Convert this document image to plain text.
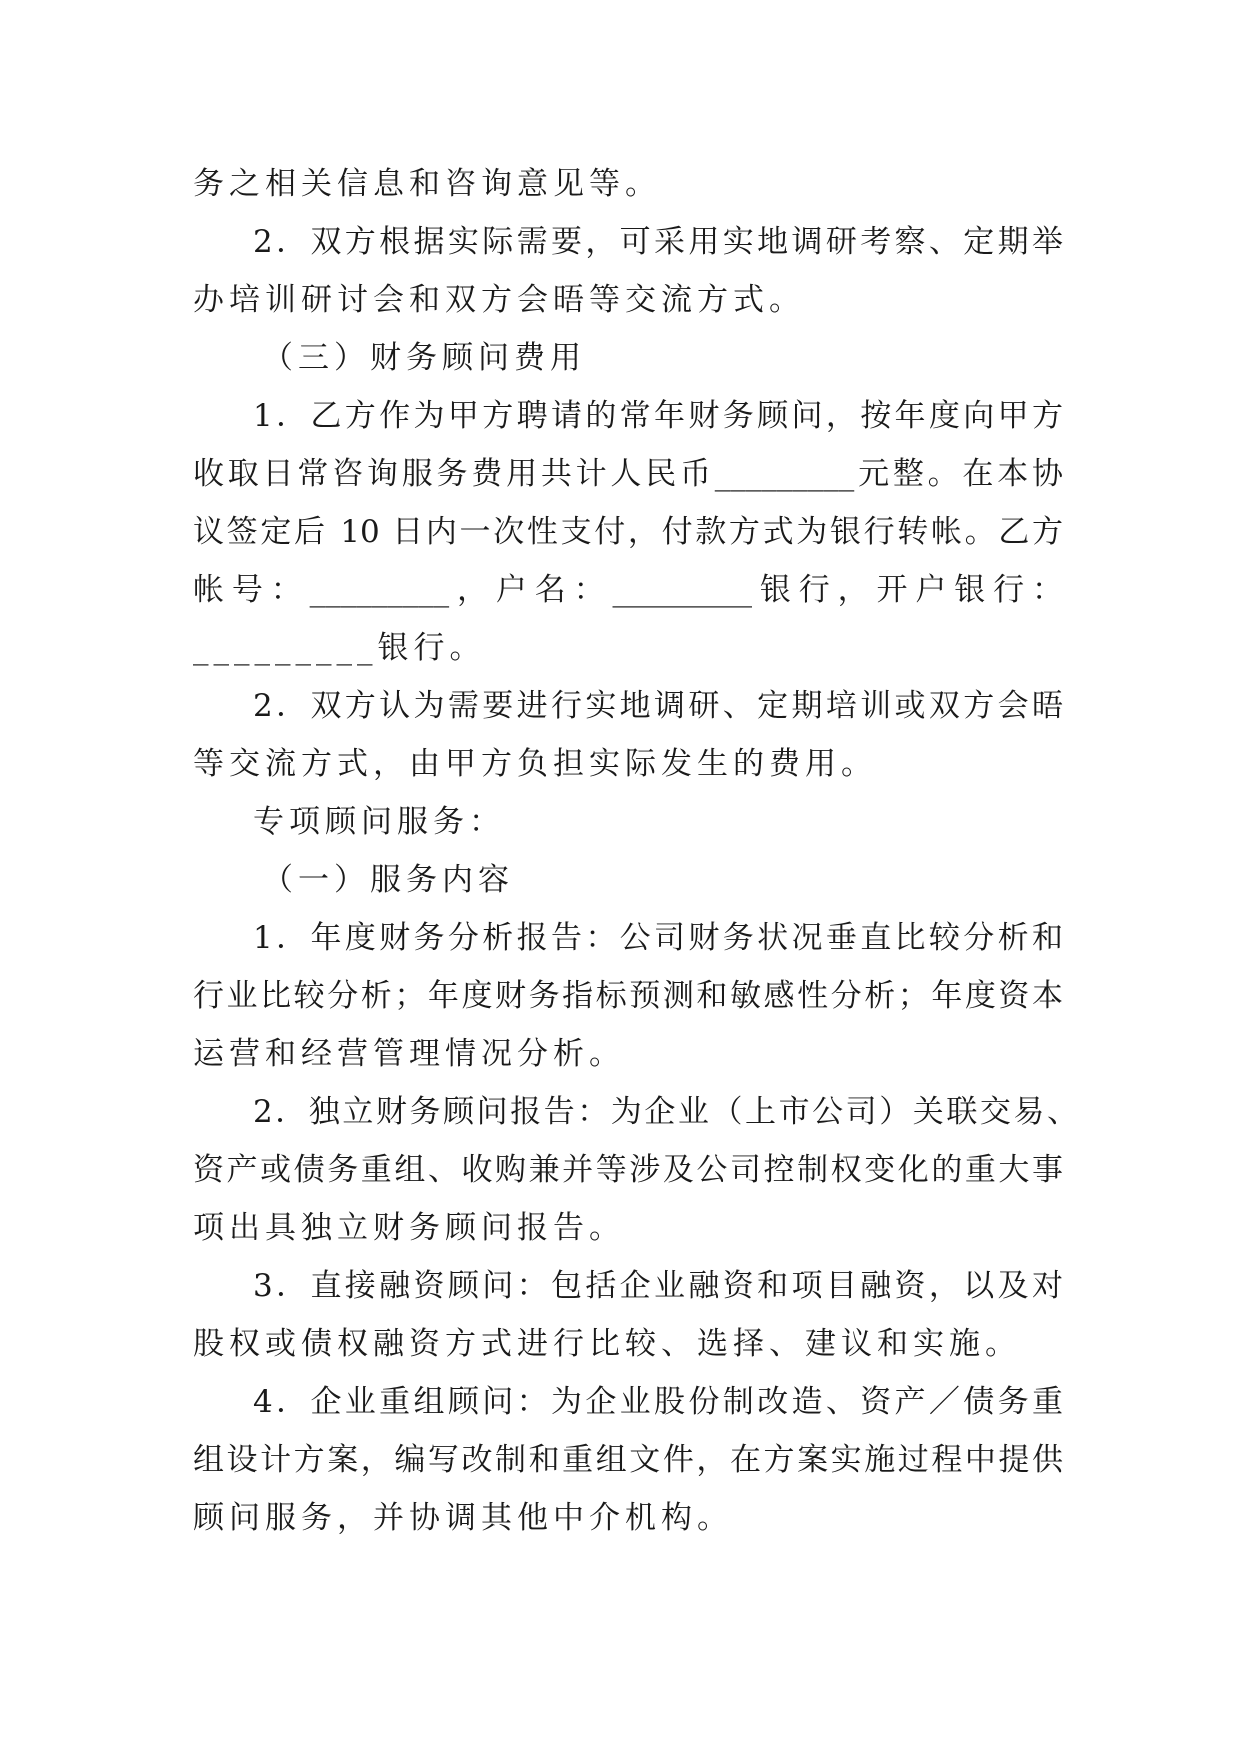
务之相关信息和咨询意见等。
2．双方根据实际需要，可采用实地调研考察、定期举
办培训研讨会和双方会晤等交流方式。
（三）财务顾问费用
1．乙方作为甲方聘请的常年财务顾问，按年度向甲方
收取日常咨询服务费用共计人民币_________元整。在本协
议签定后 10 日内一次性支付，付款方式为银行转帐。乙方
帐号：_________，户名：_________银行，开户银行：
_________银行。
2．双方认为需要进行实地调研、定期培训或双方会晤
等交流方式，由甲方负担实际发生的费用。
专项顾问服务：
（一）服务内容
1．年度财务分析报告：公司财务状况垂直比较分析和
行业比较分析；年度财务指标预测和敏感性分析；年度资本
运营和经营管理情况分析。
2．独立财务顾问报告：为企业（上市公司）关联交易、
资产或债务重组、收购兼并等涉及公司控制权变化的重大事
项出具独立财务顾问报告。
3．直接融资顾问：包括企业融资和项目融资，以及对
股权或债权融资方式进行比较、选择、建议和实施。
4．企业重组顾问：为企业股份制改造、资产／债务重
组设计方案，编写改制和重组文件，在方案实施过程中提供
顾问服务，并协调其他中介机构。
